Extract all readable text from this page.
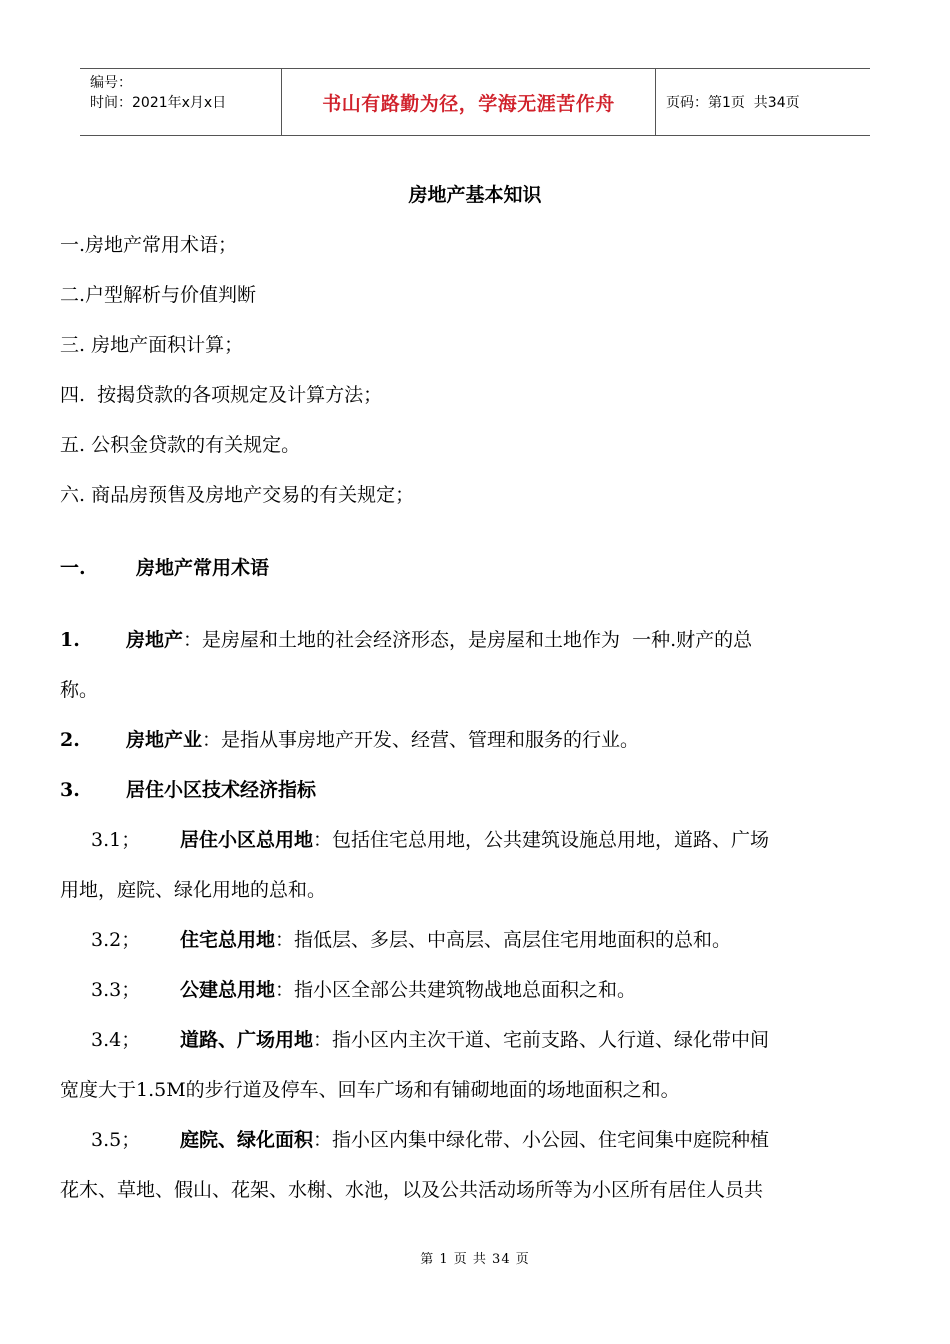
编号：
时间：2021年x月x日	书山有路勤为径，学海无涯苦作舟	页码：第1页  共34页
房地产基本知识
一.房地产常用术语；
二.户型解析与价值判断
三. 房地产面积计算；
四.  按揭贷款的各项规定及计算方法；
五. 公积金贷款的有关规定。
六. 商品房预售及房地产交易的有关规定；
一.	房地产常用术语
1. 房地产：是房屋和土地的社会经济形态，是房屋和土地作为  一种.财产的总
称。
2. 房地产业：是指从事房地产开发、经营、管理和服务的行业。
3. 居住小区技术经济指标
3.1； 居住小区总用地：包括住宅总用地，公共建筑设施总用地，道路、广场
用地，庭院、绿化用地的总和。
3.2； 住宅总用地：指低层、多层、中高层、高层住宅用地面积的总和。
3.3； 公建总用地：指小区全部公共建筑物战地总面积之和。
3.4； 道路、广场用地：指小区内主次干道、宅前支路、人行道、绿化带中间
宽度大于1.5M的步行道及停车、回车广场和有铺砌地面的场地面积之和。
3.5； 庭院、绿化面积：指小区内集中绿化带、小公园、住宅间集中庭院种植
花木、草地、假山、花架、水榭、水池，以及公共活动场所等为小区所有居住人员共
第 1 页 共 34 页
